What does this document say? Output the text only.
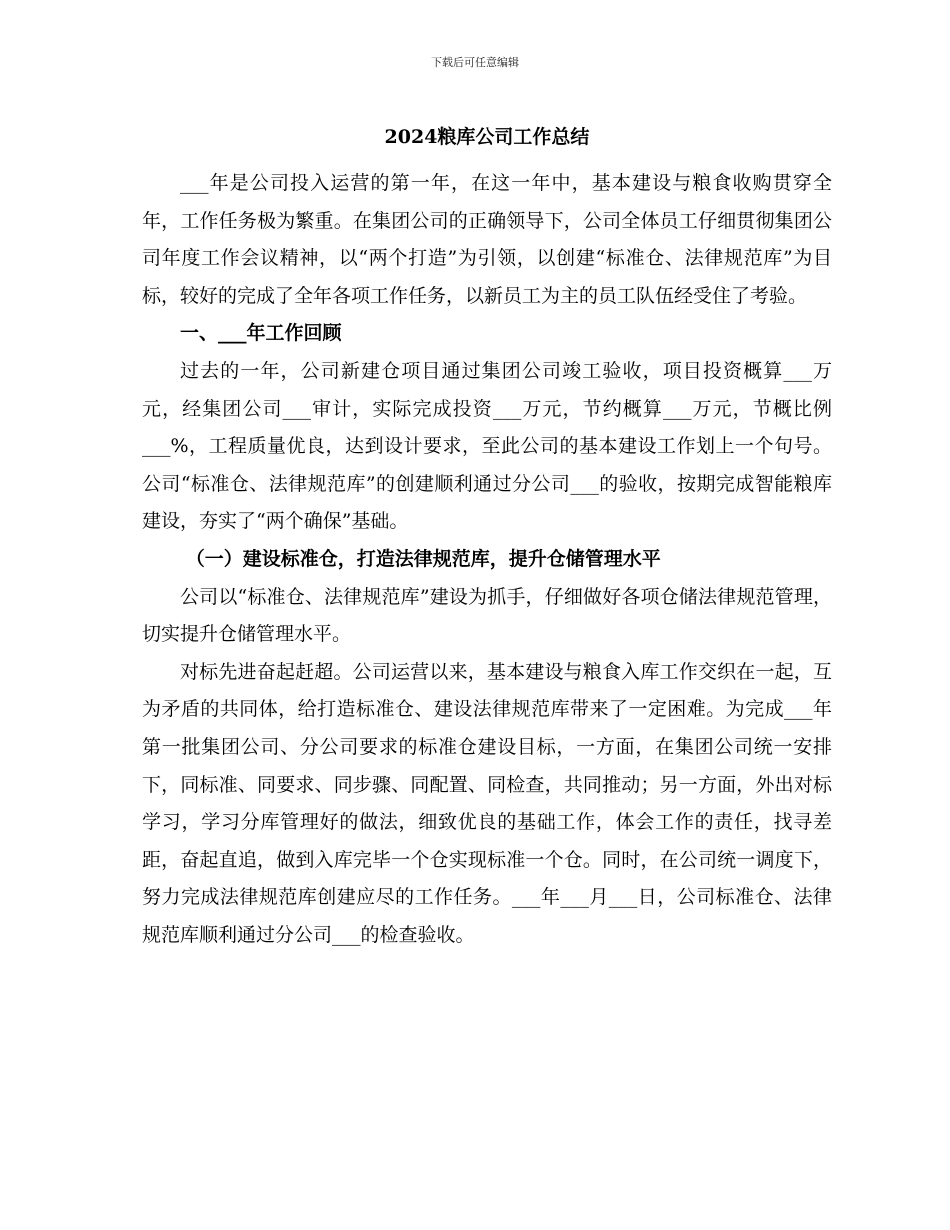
下载后可任意编辑
2024粮库公司工作总结

___年是公司投入运营的第一年，在这一年中，基本建设与粮食收购贯穿全年，工作任务极为繁重。在集团公司的正确领导下，公司全体员工仔细贯彻集团公司年度工作会议精神，以“两个打造”为引领，以创建“标准仓、法律规范库”为目标，较好的完成了全年各项工作任务，以新员工为主的员工队伍经受住了考验。

一、___年工作回顾

过去的一年，公司新建仓项目通过集团公司竣工验收，项目投资概算___万元，经集团公司___审计，实际完成投资___万元，节约概算___万元，节概比例___%，工程质量优良，达到设计要求，至此公司的基本建设工作划上一个句号。公司“标准仓、法律规范库”的创建顺利通过分公司___的验收，按期完成智能粮库建设，夯实了“两个确保”基础。

（一）建设标准仓，打造法律规范库，提升仓储管理水平

公司以“标准仓、法律规范库”建设为抓手，仔细做好各项仓储法律规范管理，切实提升仓储管理水平。

对标先进奋起赶超。公司运营以来，基本建设与粮食入库工作交织在一起，互为矛盾的共同体，给打造标准仓、建设法律规范库带来了一定困难。为完成___年第一批集团公司、分公司要求的标准仓建设目标，一方面，在集团公司统一安排下，同标准、同要求、同步骤、同配置、同检查，共同推动；另一方面，外出对标学习，学习分库管理好的做法，细致优良的基础工作，体会工作的责任，找寻差距，奋起直追，做到入库完毕一个仓实现标准一个仓。同时，在公司统一调度下，努力完成法律规范库创建应尽的工作任务。___年___月___日，公司标准仓、法律规范库顺利通过分公司___的检查验收。
